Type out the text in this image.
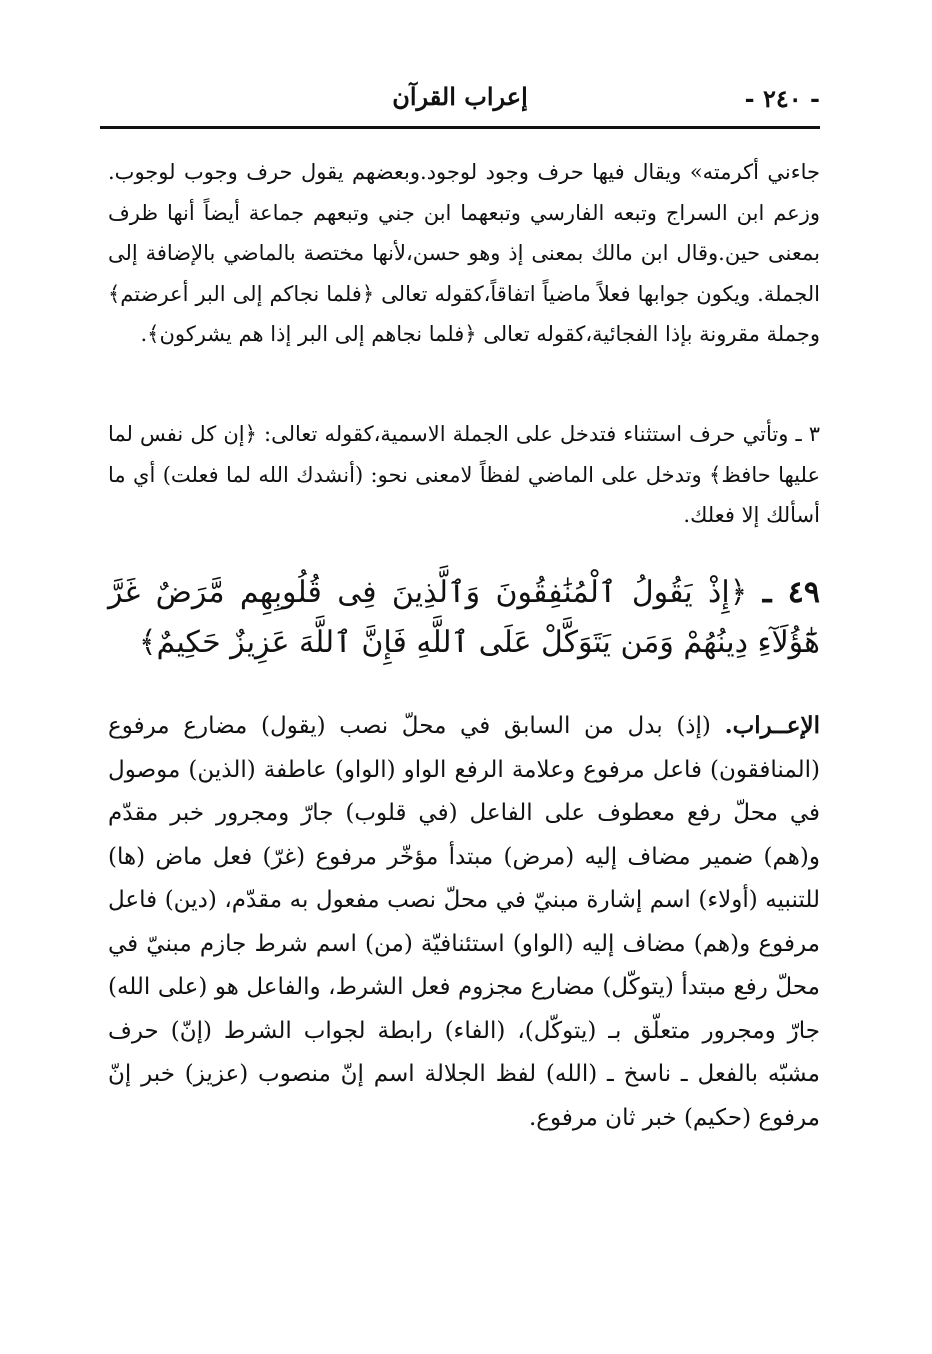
- ٢٤٠ -
إعراب القرآن

جاءني أكرمته» ويقال فيها حرف وجود لوجود.وبعضهم يقول حرف وجوب لوجوب. وزعم ابن السراج وتبعه الفارسي وتبعهما ابن جني وتبعهم جماعة أيضاً أنها ظرف بمعنى حين.وقال ابن مالك بمعنى إذ وهو حسن،لأنها مختصة بالماضي بالإضافة إلى الجملة. ويكون جوابها فعلاً ماضياً اتفاقاً،كقوله تعالى ﴿فلما نجاكم إلى البر أعرضتم﴾ وجملة مقرونة بإذا الفجائية،كقوله تعالى ﴿فلما نجاهم إلى البر إذا هم يشركون﴾.

٣ ـ وتأتي حرف استثناء فتدخل على الجملة الاسمية،كقوله تعالى: ﴿إن كل نفس لما عليها حافظ﴾ وتدخل على الماضي لفظاً لامعنى نحو: (أنشدك الله لما فعلت) أي ما أسألك إلا فعلك.

٤٩ ـ ﴿إِذْ يَقُولُ ٱلْمُنَٰفِقُونَ وَٱلَّذِينَ فِى قُلُوبِهِم مَّرَضٌ غَرَّ هَٰٓؤُلَآءِ دِينُهُمْ وَمَن يَتَوَكَّلْ عَلَى ٱللَّهِ فَإِنَّ ٱللَّهَ عَزِيزٌ حَكِيمٌ﴾
الإعــراب. (إذ) بدل من السابق في محلّ نصب (يقول) مضارع مرفوع (المنافقون) فاعل مرفوع وعلامة الرفع الواو (الواو) عاطفة (الذين) موصول في محلّ رفع معطوف على الفاعل (في قلوب) جارّ ومجرور خبر مقدّم و(هم) ضمير مضاف إليه (مرض) مبتدأ مؤخّر مرفوع (غرّ) فعل ماض (ها) للتنبيه (أولاء) اسم إشارة مبنيّ في محلّ نصب مفعول به مقدّم، (دين) فاعل مرفوع و(هم) مضاف إليه (الواو) استئنافيّة (من) اسم شرط جازم مبنيّ في محلّ رفع مبتدأ (يتوكّل) مضارع مجزوم فعل الشرط، والفاعل هو (على الله) جارّ ومجرور متعلّق بـ (يتوكّل)، (الفاء) رابطة لجواب الشرط (إنّ) حرف مشبّه بالفعل ـ ناسخ ـ (الله) لفظ الجلالة اسم إنّ منصوب (عزيز) خبر إنّ مرفوع (حكيم) خبر ثان مرفوع.
